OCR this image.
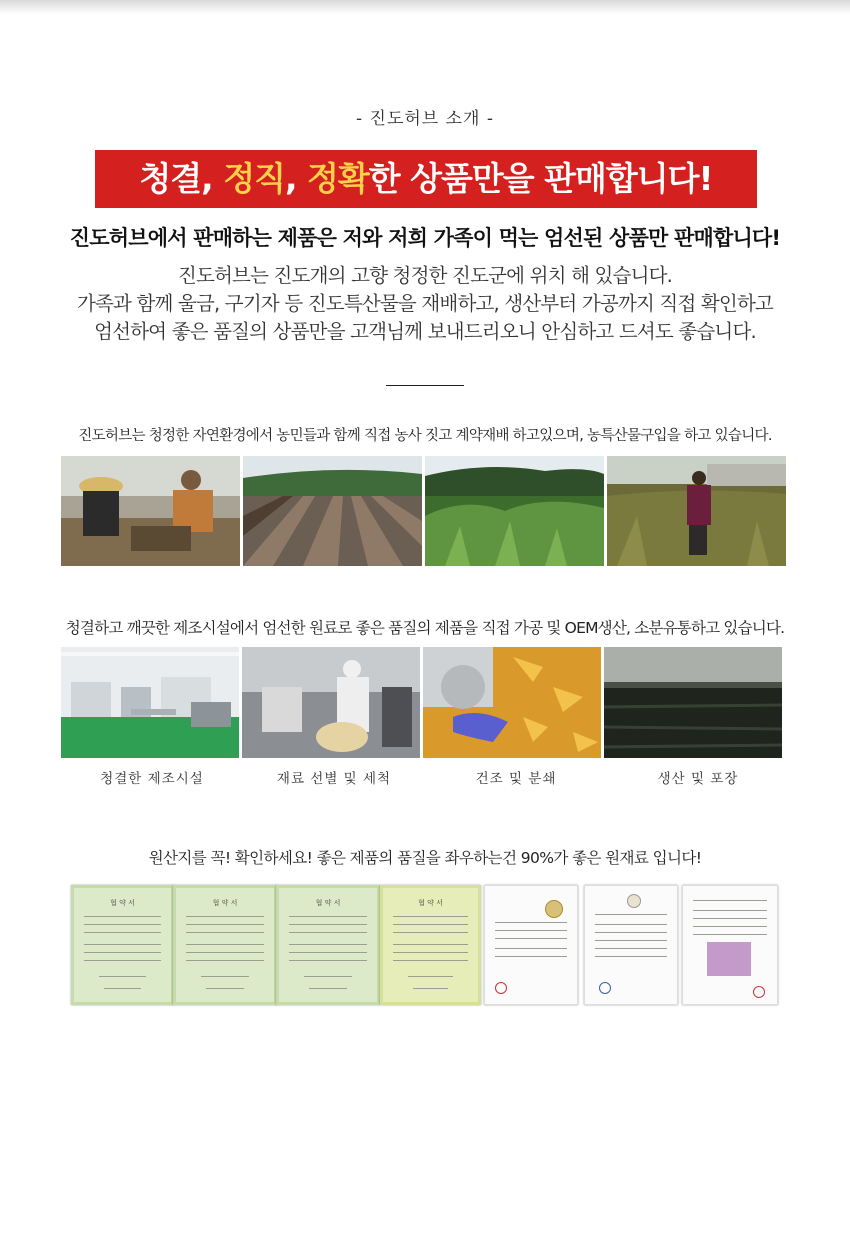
- 진도허브 소개 -
청결, 정직, 정확한 상품만을 판매합니다!
진도허브에서 판매하는 제품은 저와 저희 가족이 먹는 엄선된 상품만 판매합니다!
진도허브는 진도개의 고향 청정한 진도군에 위치 해 있습니다.
가족과 함께 울금, 구기자 등 진도특산물을 재배하고, 생산부터 가공까지 직접 확인하고
엄선하여 좋은 품질의 상품만을 고객님께 보내드리오니 안심하고 드셔도 좋습니다.
진도허브는 청정한 자연환경에서 농민들과 함께 직접 농사 짓고 계약재배 하고있으며, 농특산물구입을 하고 있습니다.
청결하고 깨끗한 제조시설에서 엄선한 원료로 좋은 품질의 제품을 직접 가공 및 OEM생산, 소분유통하고 있습니다.
청결한 제조시설	재료 선별 및 세척	건조 및 분쇄	생산 및 포장
원산지를 꼭! 확인하세요! 좋은 제품의 품질을 좌우하는건 90%가 좋은 원재료 입니다!
협 약 서	협 약 서	협 약 서	협 약 서
